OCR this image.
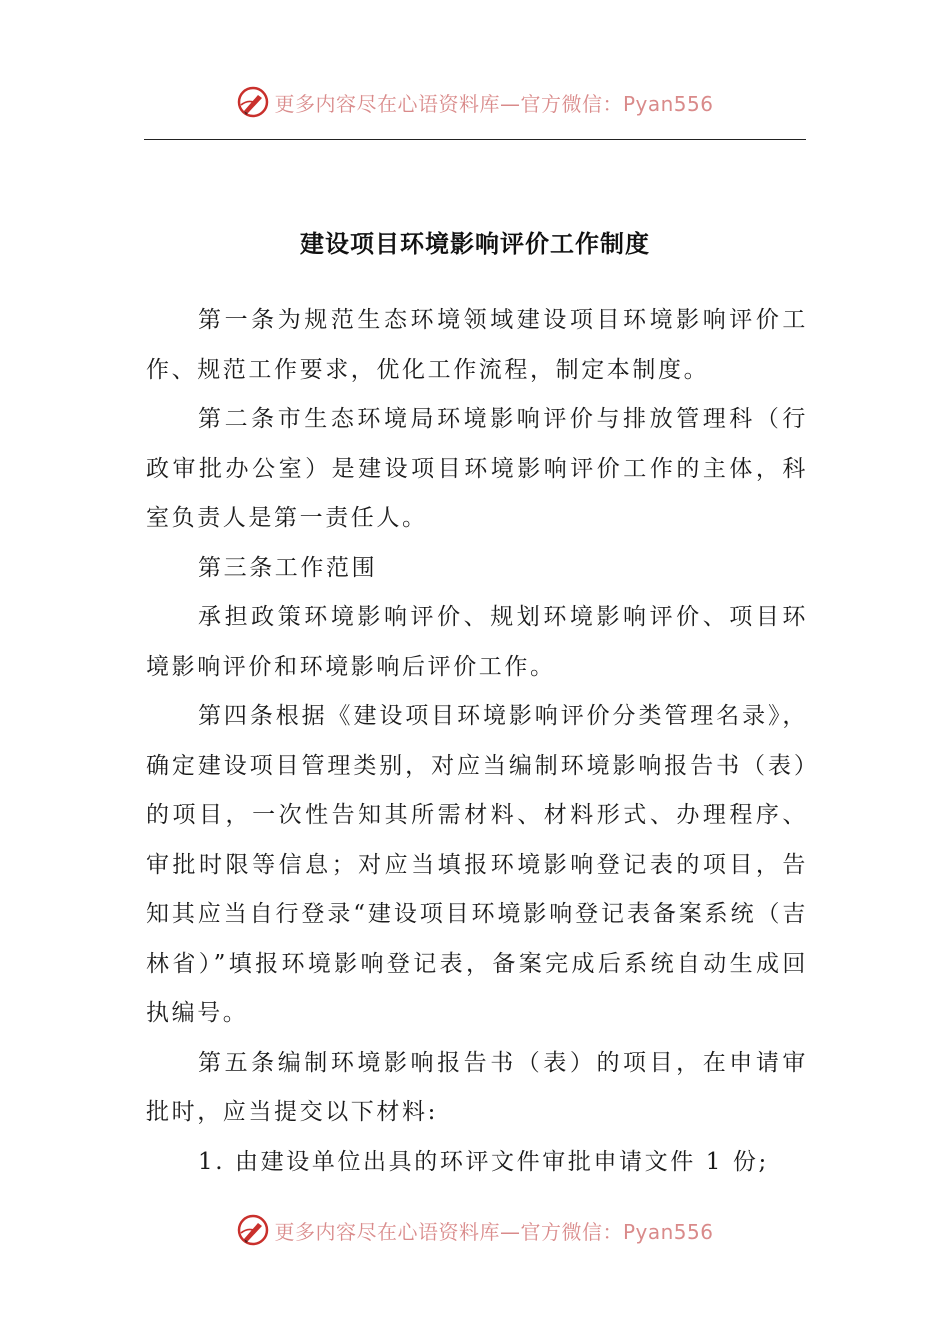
更多内容尽在心语资料库—官方微信：Pyan556
建设项目环境影响评价工作制度

第一条为规范生态环境领域建设项目环境影响评价工作、规范工作要求，优化工作流程，制定本制度。

第二条市生态环境局环境影响评价与排放管理科（行政审批办公室）是建设项目环境影响评价工作的主体，科室负责人是第一责任人。

第三条工作范围

承担政策环境影响评价、规划环境影响评价、项目环境影响评价和环境影响后评价工作。

第四条根据《建设项目环境影响评价分类管理名录》，确定建设项目管理类别，对应当编制环境影响报告书（表）的项目，一次性告知其所需材料、材料形式、办理程序、审批时限等信息；对应当填报环境影响登记表的项目，告知其应当自行登录“建设项目环境影响登记表备案系统（吉林省）”填报环境影响登记表，备案完成后系统自动生成回执编号。

第五条编制环境影响报告书（表）的项目，在申请审批时，应当提交以下材料:

1. 由建设单位出具的环评文件审批申请文件 1 份;

更多内容尽在心语资料库—官方微信：Pyan556
